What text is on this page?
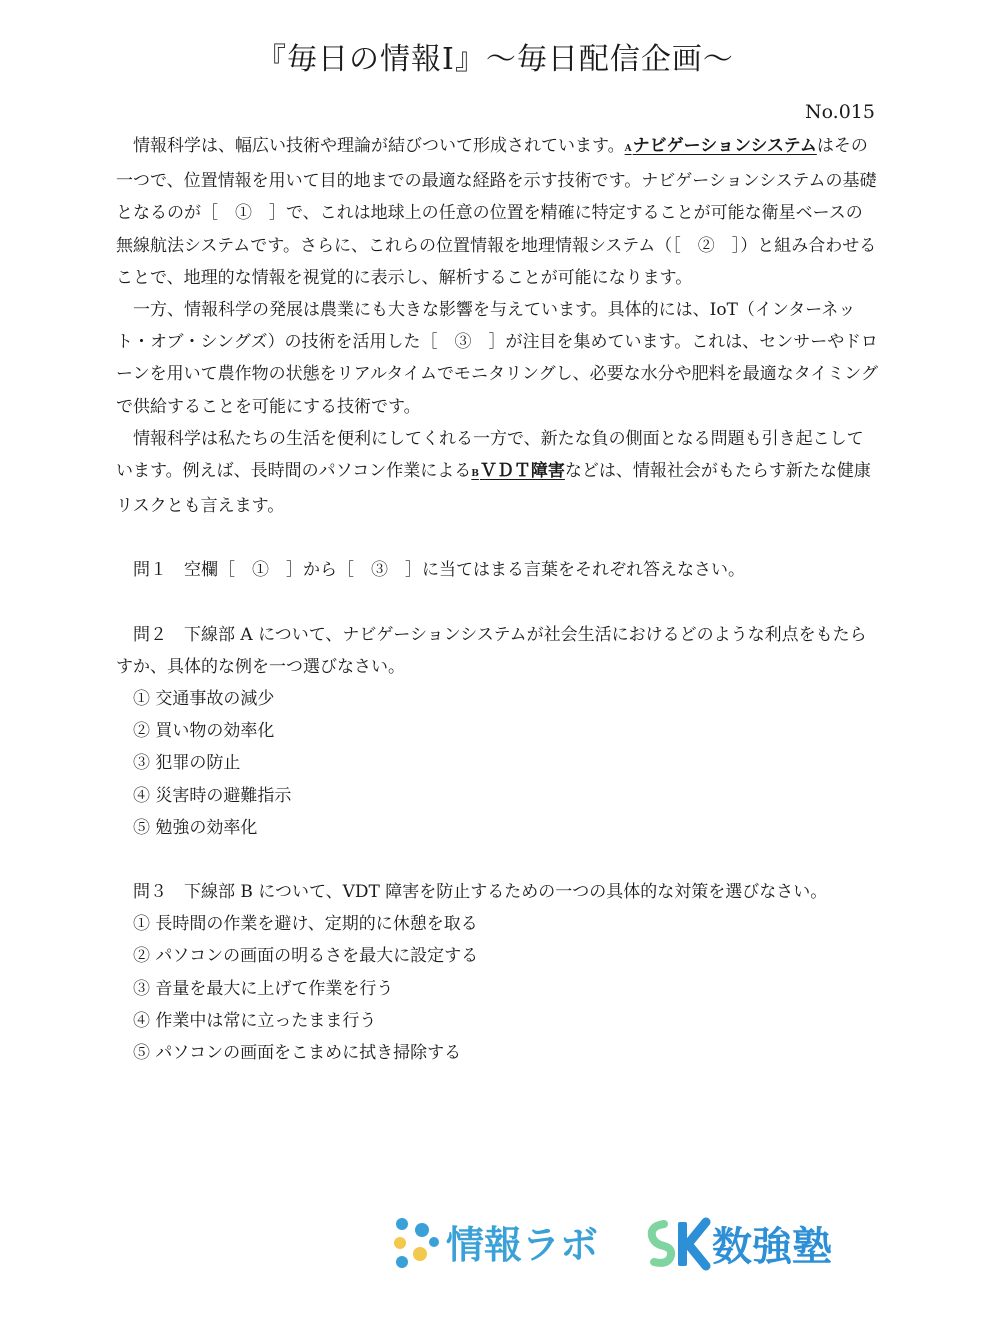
『毎日の情報Ⅰ』～毎日配信企画～
No.015

情報科学は、幅広い技術や理論が結びついて形成されています。Aナビゲーションシステムはその一つで、位置情報を用いて目的地までの最適な経路を示す技術です。ナビゲーションシステムの基礎となるのが［　①　］で、これは地球上の任意の位置を精確に特定することが可能な衛星ベースの無線航法システムです。さらに、これらの位置情報を地理情報システム（［　②　］）と組み合わせることで、地理的な情報を視覚的に表示し、解析することが可能になります。

一方、情報科学の発展は農業にも大きな影響を与えています。具体的には、IoT（インターネット・オブ・シングズ）の技術を活用した［　③　］が注目を集めています。これは、センサーやドローンを用いて農作物の状態をリアルタイムでモニタリングし、必要な水分や肥料を最適なタイミングで供給することを可能にする技術です。

情報科学は私たちの生活を便利にしてくれる一方で、新たな負の側面となる問題も引き起こしています。例えば、長時間のパソコン作業によるBＶＤＴ障害などは、情報社会がもたらす新たな健康リスクとも言えます。

問１　空欄［　①　］から［　③　］に当てはまる言葉をそれぞれ答えなさい。

問２　下線部 A について、ナビゲーションシステムが社会生活におけるどのような利点をもたらすか、具体的な例を一つ選びなさい。

① 交通事故の減少

② 買い物の効率化

③ 犯罪の防止

④ 災害時の避難指示

⑤ 勉強の効率化

問３　下線部 B について、VDT 障害を防止するための一つの具体的な対策を選びなさい。

① 長時間の作業を避け、定期的に休憩を取る

② パソコンの画面の明るさを最大に設定する

③ 音量を最大に上げて作業を行う

④ 作業中は常に立ったまま行う

⑤ パソコンの画面をこまめに拭き掃除する

情報ラボ	数強塾
